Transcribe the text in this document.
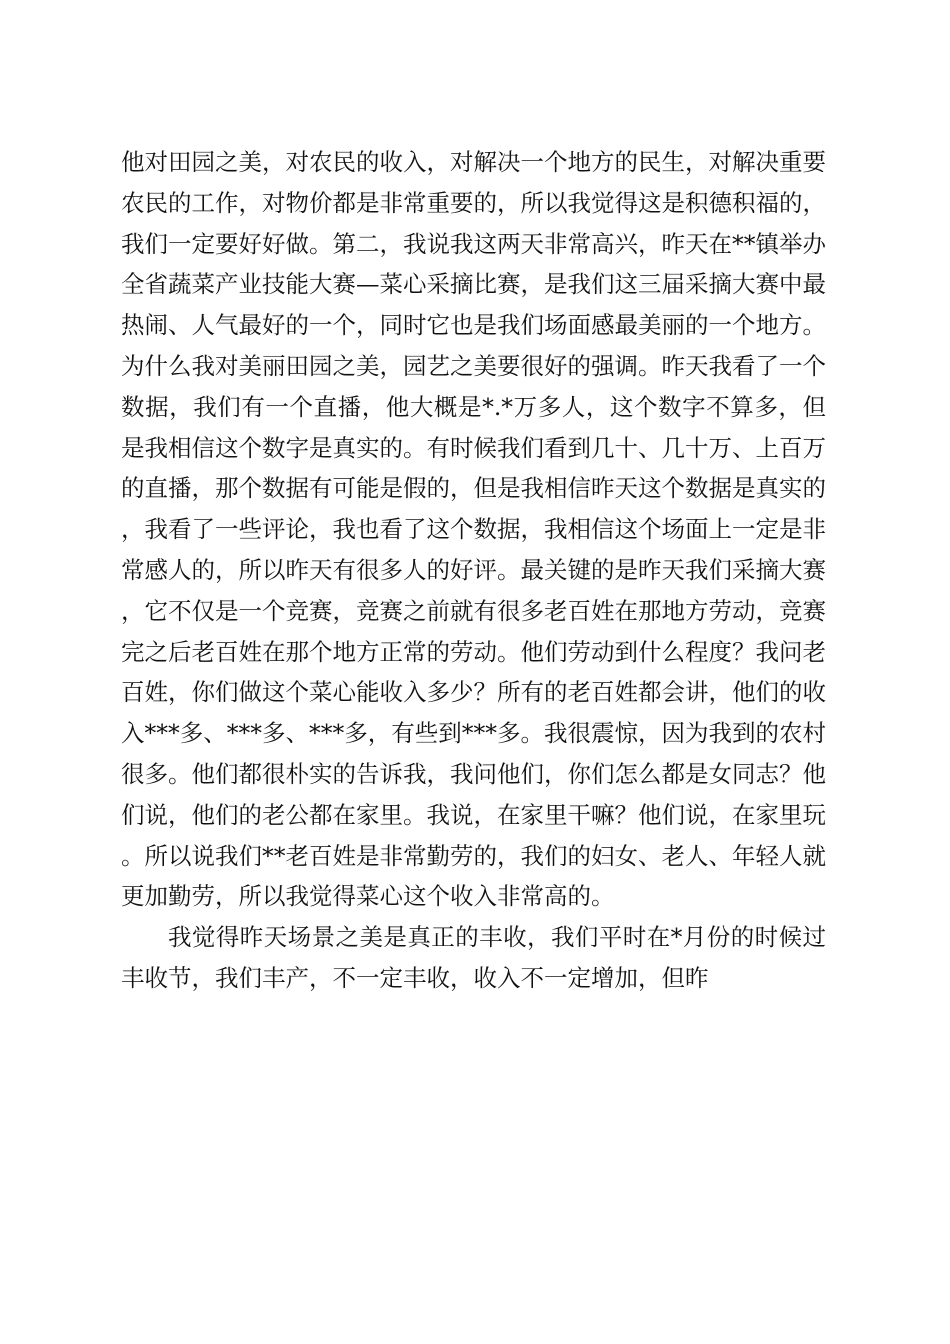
他对田园之美，对农民的收入，对解决一个地方的民生，对解决重要农民的工作，对物价都是非常重要的，所以我觉得这是积德积福的，我们一定要好好做。第二，我说我这两天非常高兴，昨天在**镇举办全省蔬菜产业技能大赛—菜心采摘比赛，是我们这三届采摘大赛中最热闹、人气最好的一个，同时它也是我们场面感最美丽的一个地方。为什么我对美丽田园之美，园艺之美要很好的强调。昨天我看了一个数据，我们有一个直播，他大概是*.*万多人，这个数字不算多，但是我相信这个数字是真实的。有时候我们看到几十、几十万、上百万的直播，那个数据有可能是假的，但是我相信昨天这个数据是真实的，我看了一些评论，我也看了这个数据，我相信这个场面上一定是非常感人的，所以昨天有很多人的好评。最关键的是昨天我们采摘大赛，它不仅是一个竞赛，竞赛之前就有很多老百姓在那地方劳动，竞赛完之后老百姓在那个地方正常的劳动。他们劳动到什么程度？我问老百姓，你们做这个菜心能收入多少？所有的老百姓都会讲，他们的收入***多、***多、***多，有些到***多。我很震惊，因为我到的农村很多。他们都很朴实的告诉我，我问他们，你们怎么都是女同志？他们说，他们的老公都在家里。我说，在家里干嘛？他们说，在家里玩。所以说我们**老百姓是非常勤劳的，我们的妇女、老人、年轻人就更加勤劳，所以我觉得菜心这个收入非常高的。

我觉得昨天场景之美是真正的丰收，我们平时在*月份的时候过丰收节，我们丰产，不一定丰收，收入不一定增加，但昨
